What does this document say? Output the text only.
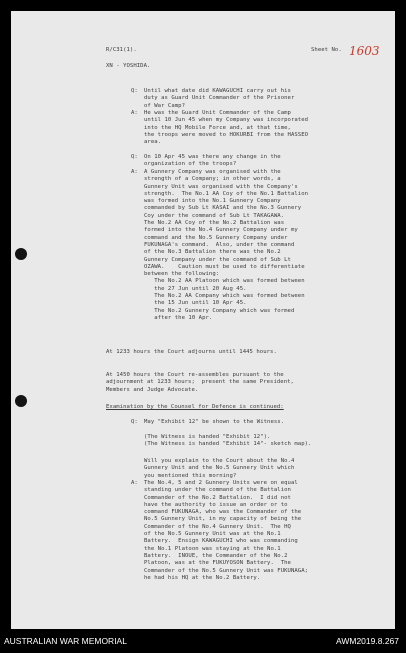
R/C31(1).	Sheet No. 1603
XN - YOSHIDA.
Q: Until what date did KAWAGUCHI carry out his
duty as Guard Unit Commander of the Prisoner
of War Camp?
A: He was the Guard Unit Commander of the Camp
until 10 Jun 45 when my Company was incorporated
into the HQ Mobile Force and, at that time,
the troops were moved to HOKURBI from the HASSEO
area.
Q: On 10 Apr 45 was there any change in the
organization of the troops?
A: A Gunnery Company was organised with the
strength of a Company; in other words, a
Gunnery Unit was organised with the Company's
strength.  The No.1 AA Coy of the No.1 Battalion
was formed into the No.1 Gunnery Company
commanded by Sub Lt KASAI and the No.3 Gunnery
Coy under the command of Sub Lt TAKAGAWA.
The No.2 AA Coy of the No.2 Battalion was
formed into the No.4 Gunnery Company under my
command and the No.5 Gunnery Company under
FUKUNAGA's command.  Also, under the command
of the No.3 Battalion there was the No.2
Gunnery Company under the command of Sub Lt
OZAWA.    Caution must be used to differentiate
between the following:
The No.2 AA Platoon which was formed between
the 27 Jun until 20 Aug 45.
The No.2 AA Company which was formed between
the 15 Jun until 10 Apr 45.
The No.2 Gunnery Company which was formed
after the 10 Apr.
At 1233 hours the Court adjourns until 1445 hours.
At 1450 hours the Court re-assembles pursuant to the
adjournment at 1233 hours;  present the same President,
Members and Judge Advocate.
Examination by the Counsel for Defence is continued:
Q: May "Exhibit 12" be shown to the Witness.
(The Witness is handed "Exhibit 12").
(The Witness is handed "Exhibit 14"- sketch map).
Will you explain to the Court about the No.4
Gunnery Unit and the No.5 Gunnery Unit which
you mentioned this morning?
A: The No.4, 5 and 2 Gunnery Units were on equal
standing under the command of the Battalion
Commander of the No.2 Battalion.  I did not
have the authority to issue an order or to
command FUKUNAGA, who was the Commander of the
No.5 Gunnery Unit, in my capacity of being the
Commander of the No.4 Gunnery Unit.  The HQ
of the No.5 Gunnery Unit was at the No.1
Battery.  Ensign KAWAGUCHI who was commanding
the No.1 Platoon was staying at the No.1
Battery.  INOUE, the Commander of the No.2
Platoon, was at the FUKUYOSON Battery.  The
Commander of the No.5 Gunnery Unit was FUKUNAGA;
he had his HQ at the No.2 Battery.
AUSTRALIAN WAR MEMORIAL	AWM2019.8.267
